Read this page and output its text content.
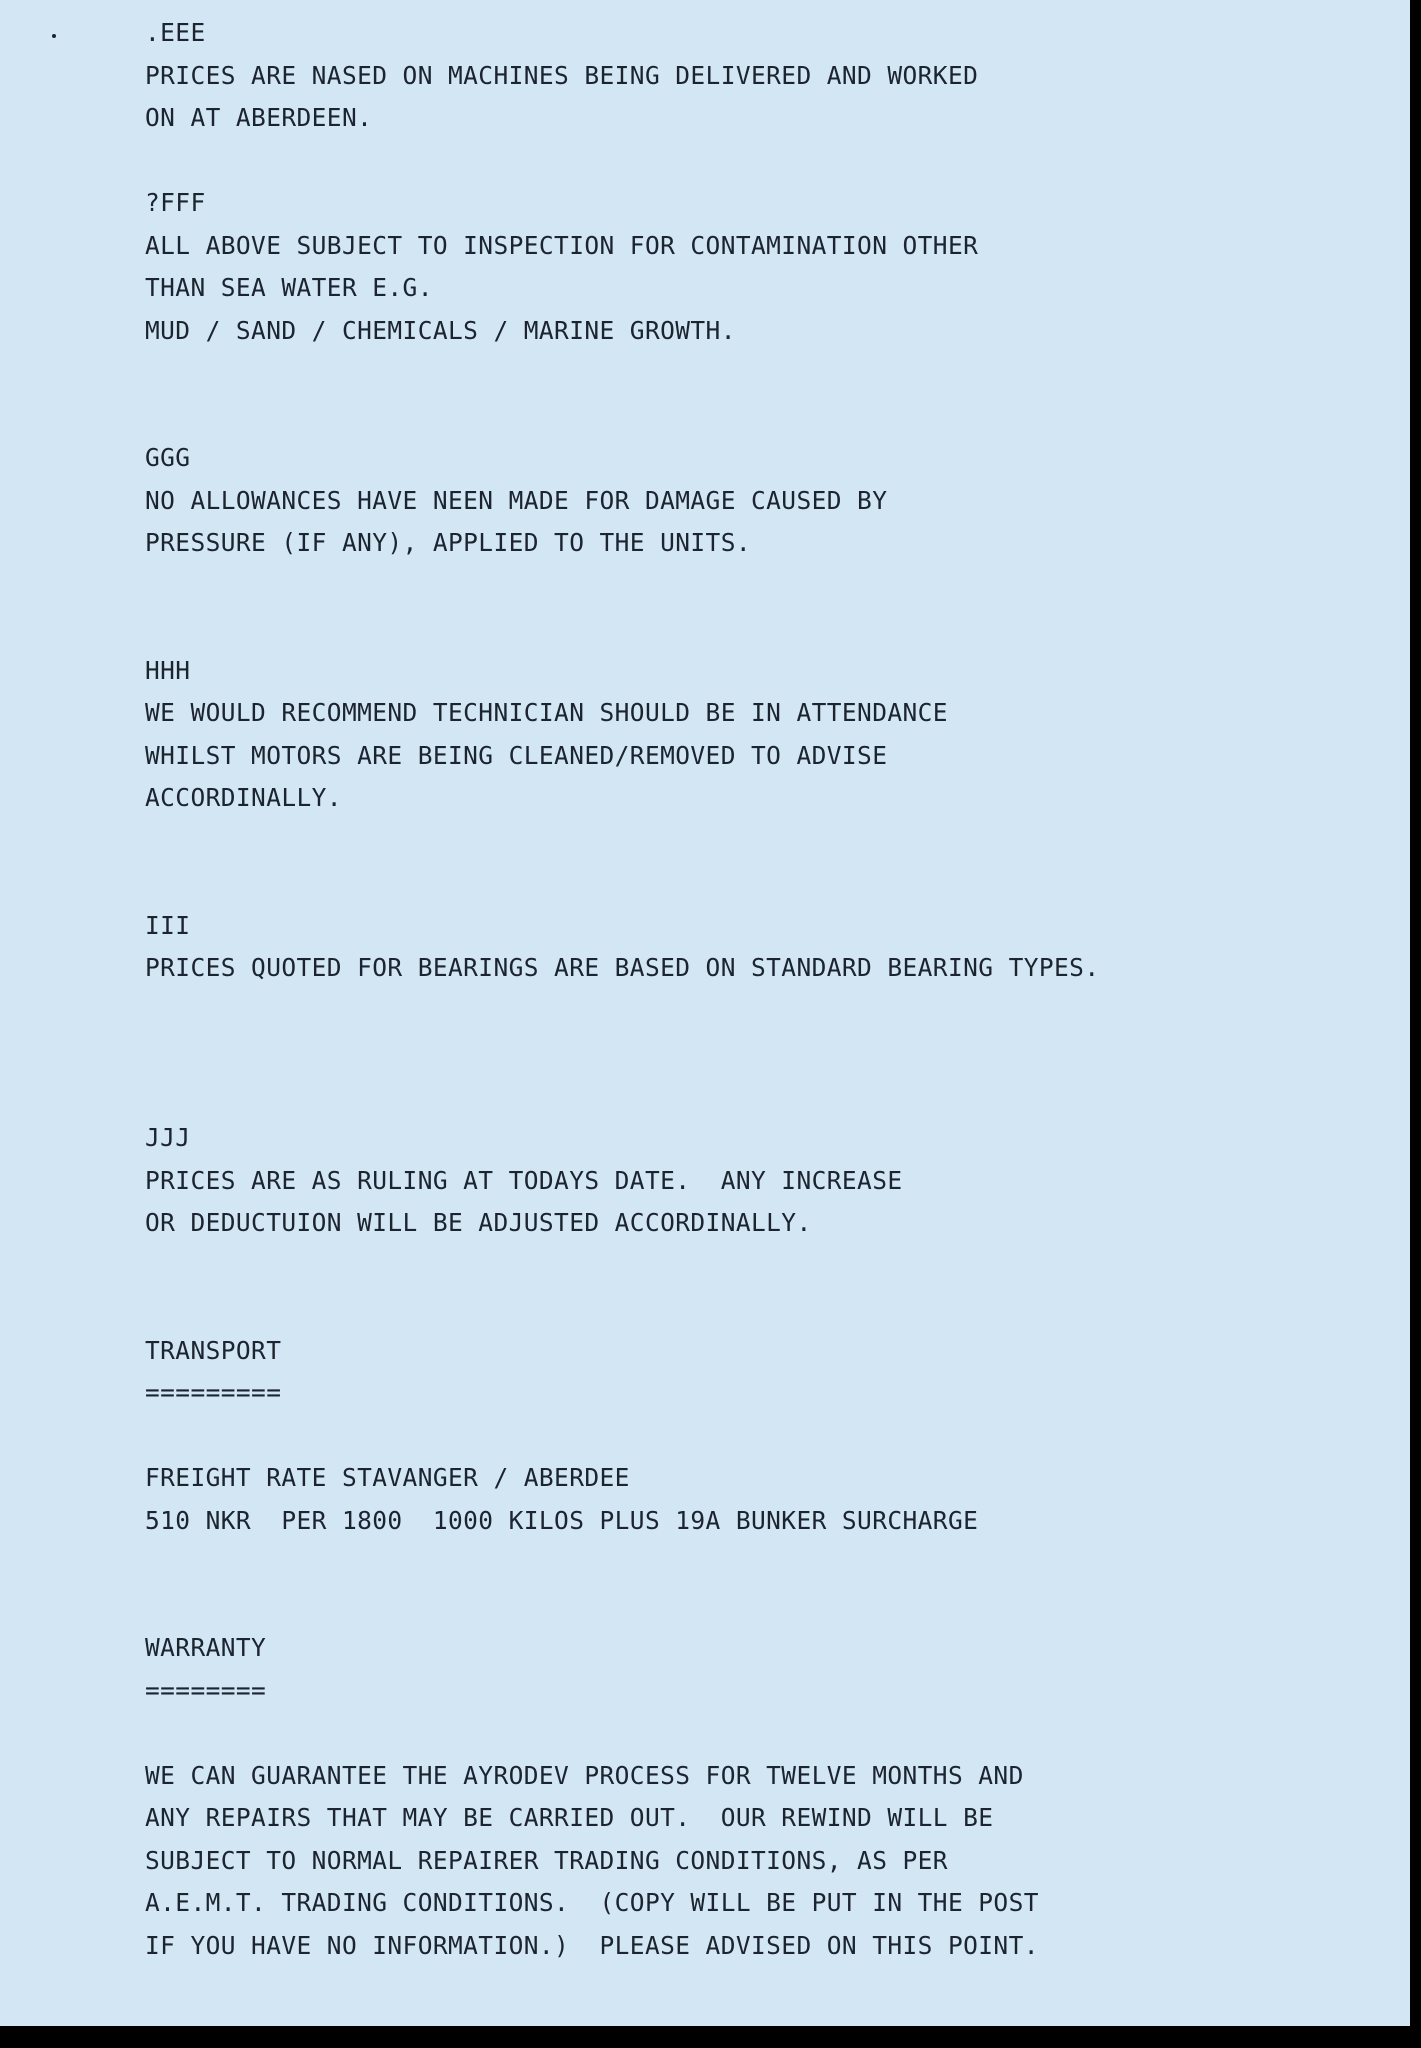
.EEE
PRICES ARE NASED ON MACHINES BEING DELIVERED AND WORKED
ON AT ABERDEEN.

?FFF
ALL ABOVE SUBJECT TO INSPECTION FOR CONTAMINATION OTHER
THAN SEA WATER E.G.
MUD / SAND / CHEMICALS / MARINE GROWTH.

GGG
NO ALLOWANCES HAVE NEEN MADE FOR DAMAGE CAUSED BY
PRESSURE (IF ANY), APPLIED TO THE UNITS.

HHH
WE WOULD RECOMMEND TECHNICIAN SHOULD BE IN ATTENDANCE
WHILST MOTORS ARE BEING CLEANED/REMOVED TO ADVISE
ACCORDINALLY.

III
PRICES QUOTED FOR BEARINGS ARE BASED ON STANDARD BEARING TYPES.

JJJ
PRICES ARE AS RULING AT TODAYS DATE.  ANY INCREASE
OR DEDUCTUION WILL BE ADJUSTED ACCORDINALLY.

TRANSPORT
=========

FREIGHT RATE STAVANGER / ABERDEE
510 NKR  PER 1800  1000 KILOS PLUS 19A BUNKER SURCHARGE

WARRANTY
========

WE CAN GUARANTEE THE AYRODEV PROCESS FOR TWELVE MONTHS AND
ANY REPAIRS THAT MAY BE CARRIED OUT.  OUR REWIND WILL BE
SUBJECT TO NORMAL REPAIRER TRADING CONDITIONS, AS PER
A.E.M.T. TRADING CONDITIONS.  (COPY WILL BE PUT IN THE POST
IF YOU HAVE NO INFORMATION.)  PLEASE ADVISED ON THIS POINT.
